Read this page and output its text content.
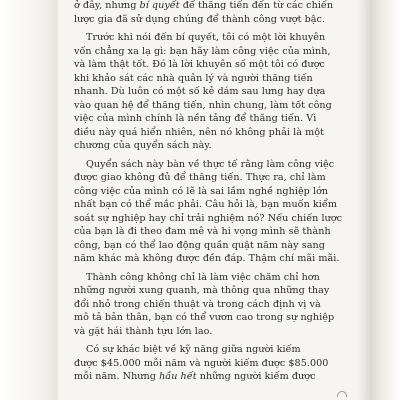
ở đây, nhưng bí quyết để thăng tiến đến từ các chiến
lược gia đã sử dụng chúng để thành công vượt bậc.
Trước khi nói đến bí quyết, tôi có một lời khuyên
vốn chẳng xa lạ gì: bạn hãy làm công việc của mình,
và làm thật tốt. Đó là lời khuyên số một tôi có được
khi khảo sát các nhà quản lý và người thăng tiến
nhanh. Dù luôn có một số kẻ dám sau lưng hay dựa
vào quan hệ để thăng tiến, nhìn chung, làm tốt công
việc của mình chính là nền tảng để thăng tiến. Vì
điều này quá hiển nhiên, nên nó không phải là một
chương của quyển sách này.
Quyển sách này bàn về thực tế rằng làm công việc
được giao không đủ để thăng tiến. Thực ra, chỉ làm
công việc của mình có lẽ là sai lầm nghề nghiệp lớn
nhất bạn có thể mắc phải. Câu hỏi là, bạn muốn kiểm
soát sự nghiệp hay chỉ trải nghiệm nó? Nếu chiến lược
của bạn là đi theo đam mê và hi vọng mình sẽ thành
công, bạn có thể lao động quần quật năm này sang
năm khác mà không được đền đáp. Thậm chí mãi mãi.
Thành công không chỉ là làm việc chăm chỉ hơn
những người xung quanh, mà thông qua những thay
đổi nhỏ trong chiến thuật và trong cách định vị và
mô tả bản thân, bạn có thể vươn cao trong sự nghiệp
và gặt hái thành tựu lớn lao.
Có sự khác biệt về kỹ năng giữa người kiếm
được $45.000 mỗi năm và người kiếm được $85.000
mỗi năm. Nhưng hầu hết những người kiếm được
